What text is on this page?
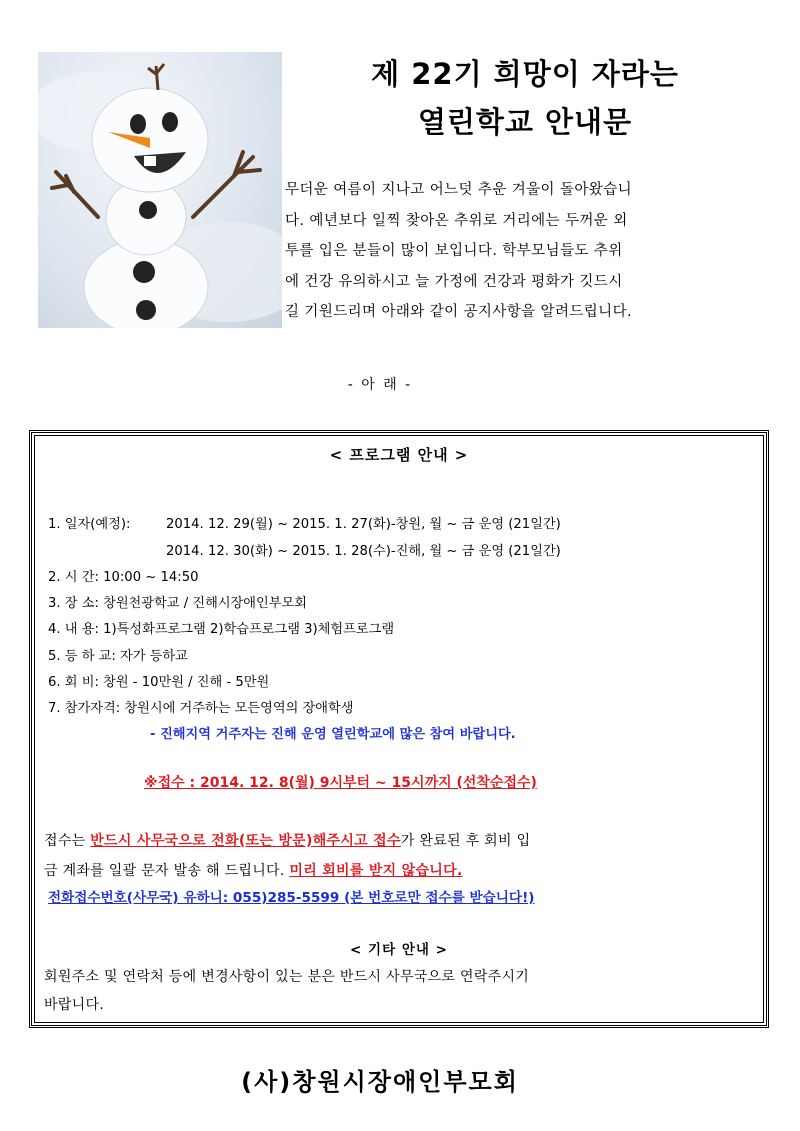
제 22기 희망이 자라는
열린학교 안내문
무더운 여름이 지나고 어느덧 추운 겨울이 돌아왔습니
다. 예년보다 일찍 찾아온 추위로 거리에는 두꺼운 외
투를 입은 분들이 많이 보입니다. 학부모님들도 추위
에 건강 유의하시고 늘 가정에 건강과 평화가 깃드시
길 기원드리며 아래와 같이 공지사항을 알려드립니다.
- 아 래 -
< 프로그램 안내 >
1. 일자(예정):	2014. 12. 29(월) ~ 2015. 1. 27(화)-창원, 월 ~ 금 운영 (21일간)
2014. 12. 30(화) ~ 2015. 1. 28(수)-진해, 월 ~ 금 운영 (21일간)
2. 시 간: 10:00 ~ 14:50
3. 장 소: 창원천광학교 / 진해시장애인부모회
4. 내 용: 1)특성화프로그램 2)학습프로그램 3)체험프로그램
5. 등 하 교: 자가 등하교
6. 회 비: 창원 - 10만원 / 진해 - 5만원
7. 참가자격: 창원시에 거주하는 모든영역의 장애학생
- 진해지역 거주자는 진해 운영 열린학교에 많은 참여 바랍니다.
※접수 : 2014. 12. 8(월) 9시부터 ~ 15시까지 (선착순접수)
접수는 반드시 사무국으로 전화(또는 방문)해주시고 접수가 완료된 후 회비 입
금 계좌를 일괄 문자 발송 해 드립니다. 미리 회비를 받지 않습니다.
전화접수번호(사무국) 유하니: 055)285-5599 (본 번호로만 접수를 받습니다!)
< 기타 안내 >
회원주소 및 연락처 등에 변경사항이 있는 분은 반드시 사무국으로 연락주시기
바랍니다.
(사)창원시장애인부모회
